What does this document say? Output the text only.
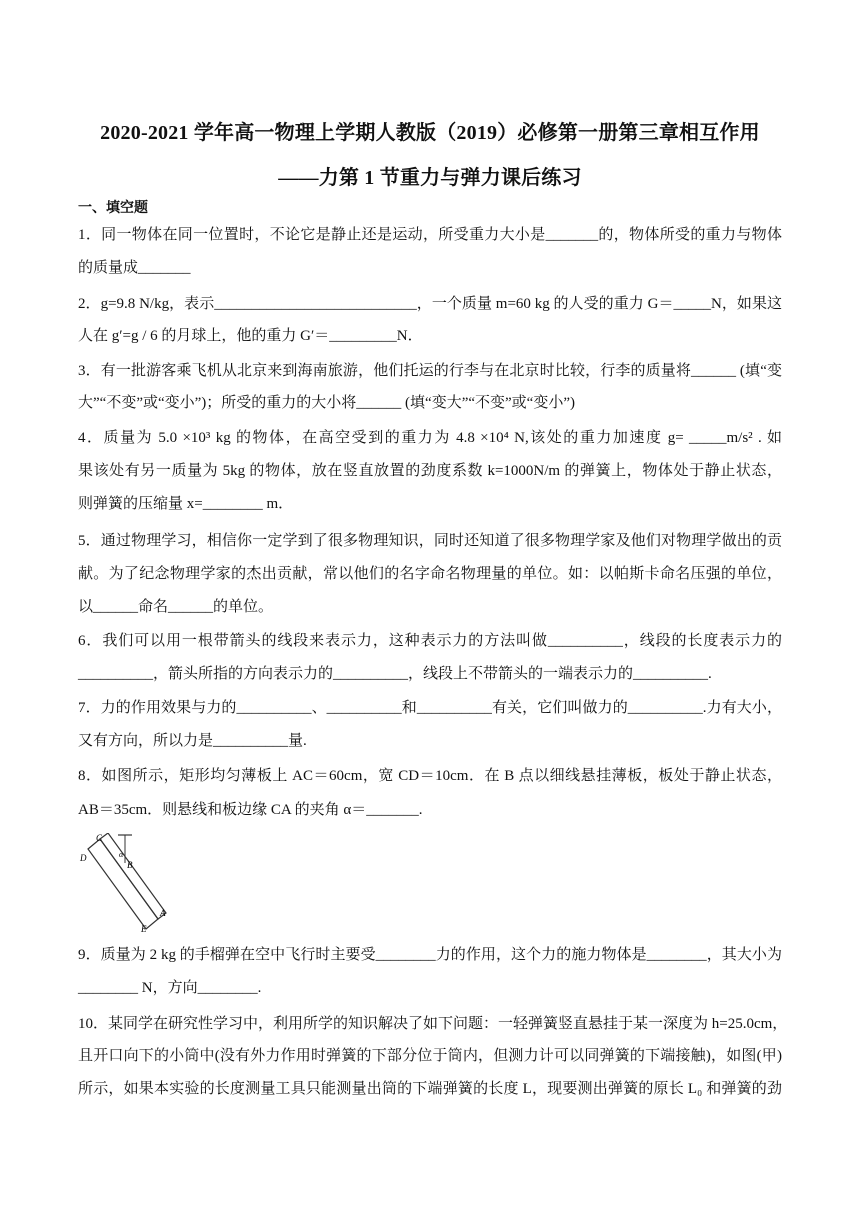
2020-2021 学年高一物理上学期人教版（2019）必修第一册第三章相互作用
——力第 1 节重力与弹力课后练习
一、填空题
1．同一物体在同一位置时，不论它是静止还是运动，所受重力大小是_______的，物体所受的重力与物体
的质量成_______
2．g=9.8 N/kg，表示___________________________，一个质量 m=60 kg 的人受的重力 G＝_____N，如果这
人在 g′=g / 6 的月球上，他的重力 G′＝_________N．
3．有一批游客乘飞机从北京来到海南旅游，他们托运的行李与在北京时比较，行李的质量将______ (填“变
大”“不变”或“变小”)；所受的重力的大小将______ (填“变大”“不变”或“变小”)
4．质量为 5.0 ×10³ kg 的物体，在高空受到的重力为 4.8 ×10⁴ N,该处的重力加速度 g= _____m/s² . 如
果该处有另一质量为 5kg 的物体，放在竖直放置的劲度系数 k=1000N/m 的弹簧上，物体处于静止状态，
则弹簧的压缩量 x=________ m．
5．通过物理学习，相信你一定学到了很多物理知识，同时还知道了很多物理学家及他们对物理学做出的贡
献。为了纪念物理学家的杰出贡献，常以他们的名字命名物理量的单位。如：以帕斯卡命名压强的单位，
以______命名______的单位。
6．我们可以用一根带箭头的线段来表示力，这种表示力的方法叫做__________，线段的长度表示力的
__________，箭头所指的方向表示力的__________，线段上不带箭头的一端表示力的__________.
7．力的作用效果与力的__________、__________和__________有关，它们叫做力的__________.力有大小，
又有方向，所以力是__________量.
8．如图所示，矩形均匀薄板上 AC＝60cm，宽 CD＝10cm．在 B 点以细线悬挂薄板，板处于静止状态，
AB＝35cm．则悬线和板边缘 CA 的夹角 α＝_______.
C
D	α
B
A
E
9．质量为 2 kg 的手榴弹在空中飞行时主要受________力的作用，这个力的施力物体是________，其大小为
________ N，方向________.
10．某同学在研究性学习中，利用所学的知识解决了如下问题：一轻弹簧竖直悬挂于某一深度为 h=25.0cm，
且开口向下的小筒中(没有外力作用时弹簧的下部分位于筒内，但测力计可以同弹簧的下端接触)，如图(甲)
所示，如果本实验的长度测量工具只能测量出筒的下端弹簧的长度 L，现要测出弹簧的原长 L₀ 和弹簧的劲
